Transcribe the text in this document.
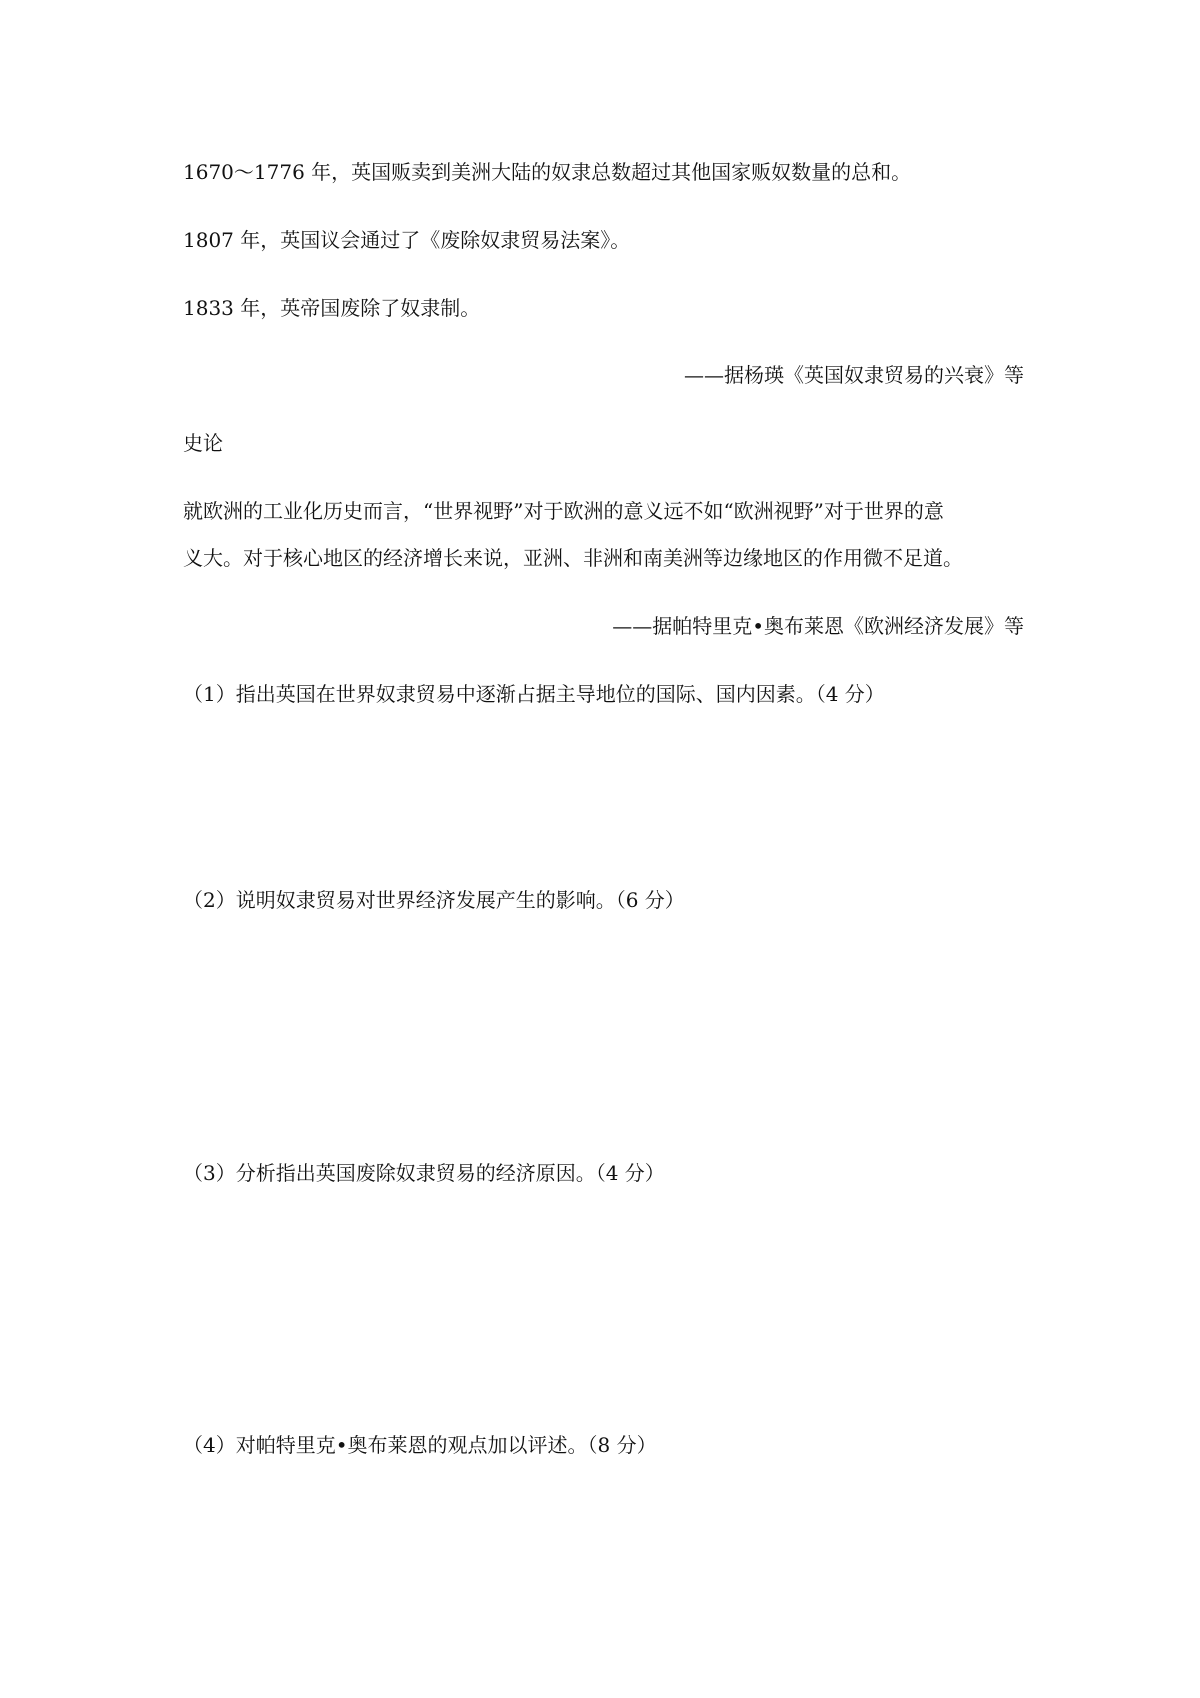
1670～1776 年，英国贩卖到美洲大陆的奴隶总数超过其他国家贩奴数量的总和。
1807 年，英国议会通过了《废除奴隶贸易法案》。
1833 年，英帝国废除了奴隶制。
——据杨瑛《英国奴隶贸易的兴衰》等
史论
就欧洲的工业化历史而言，“世界视野”对于欧洲的意义远不如“欧洲视野”对于世界的意
义大。对于核心地区的经济增长来说，亚洲、非洲和南美洲等边缘地区的作用微不足道。
——据帕特里克•奥布莱恩《欧洲经济发展》等
（1）指出英国在世界奴隶贸易中逐渐占据主导地位的国际、国内因素。（4 分）
（2）说明奴隶贸易对世界经济发展产生的影响。（6 分）
（3）分析指出英国废除奴隶贸易的经济原因。（4 分）
（4）对帕特里克•奥布莱恩的观点加以评述。（8 分）
